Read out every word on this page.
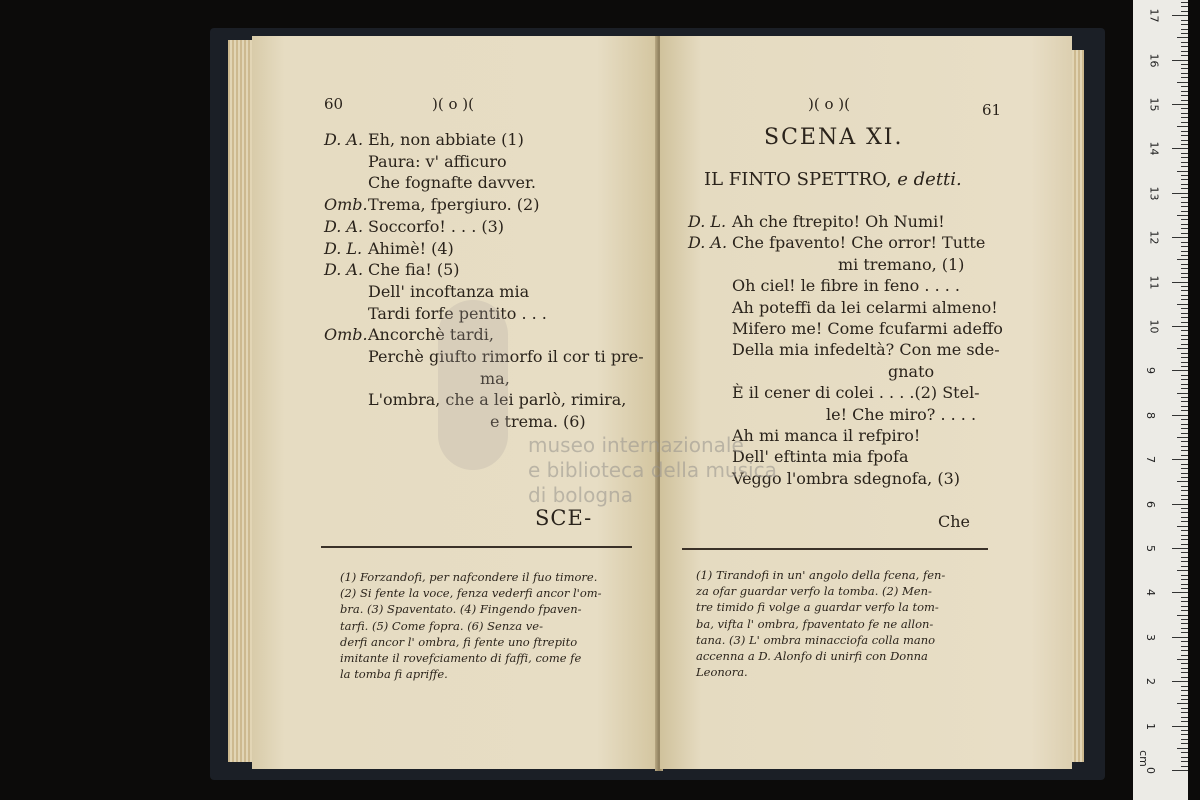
60	)( o )(
D. A. Eh, non abbiate (1)
Paura: v' afficuro
Che fognafte davver.
Omb. Trema, fpergiuro. (2)
D. A. Soccorfo! . . . (3)
D. L. Ahimè! (4)
D. A. Che fia! (5)
Dell' incoftanza mia
Tardi forfe pentito . . .
Omb. Ancorchè tardi,
Perchè giufto rimorfo il cor ti pre-
ma,
L'ombra, che a lei parlò, rimira,
e trema. (6)
SCE-
(1) Forzandofi, per nafcondere il fuo timore.
(2) Si fente la voce, fenza vederfi ancor l'om-
bra. (3) Spaventato. (4) Fingendo fpaven-
tarfi. (5) Come fopra. (6) Senza ve-
derfi ancor l' ombra, fi fente uno ftrepito
imitante il rovefciamento di faffi, come fe
la tomba fi apriffe.
)( o )(	61
SCENA XI.
IL FINTO SPETTRO, e detti.
D. L. Ah che ftrepito! Oh Numi!
D. A. Che fpavento! Che orror! Tutte
mi tremano, (1)
Oh ciel! le fibre in feno . . . .
Ah poteffi da lei celarmi almeno!
Mifero me! Come fcufarmi adeffo
Della mia infedeltà? Con me sde-
gnato
È il cener di colei . . . .(2) Stel-
le! Che miro? . . . .
Ah mi manca il refpiro!
Dell' eftinta mia fpofa
Veggo l'ombra sdegnofa, (3)
Che
(1) Tirandofi in un' angolo della fcena, fen-
za ofar guardar verfo la tomba. (2) Men-
tre timido fi volge a guardar verfo la tom-
ba, vifta l' ombra, fpaventato fe ne allon-
tana. (3) L' ombra minacciofa colla mano
accenna a D. Alonfo di unirfi con Donna
Leonora.
museo internazionale
e biblioteca della musica
di bologna
0
1
2
3
4
5
6
7
8
9
10
11
12
13
14
15
16
17
cm
